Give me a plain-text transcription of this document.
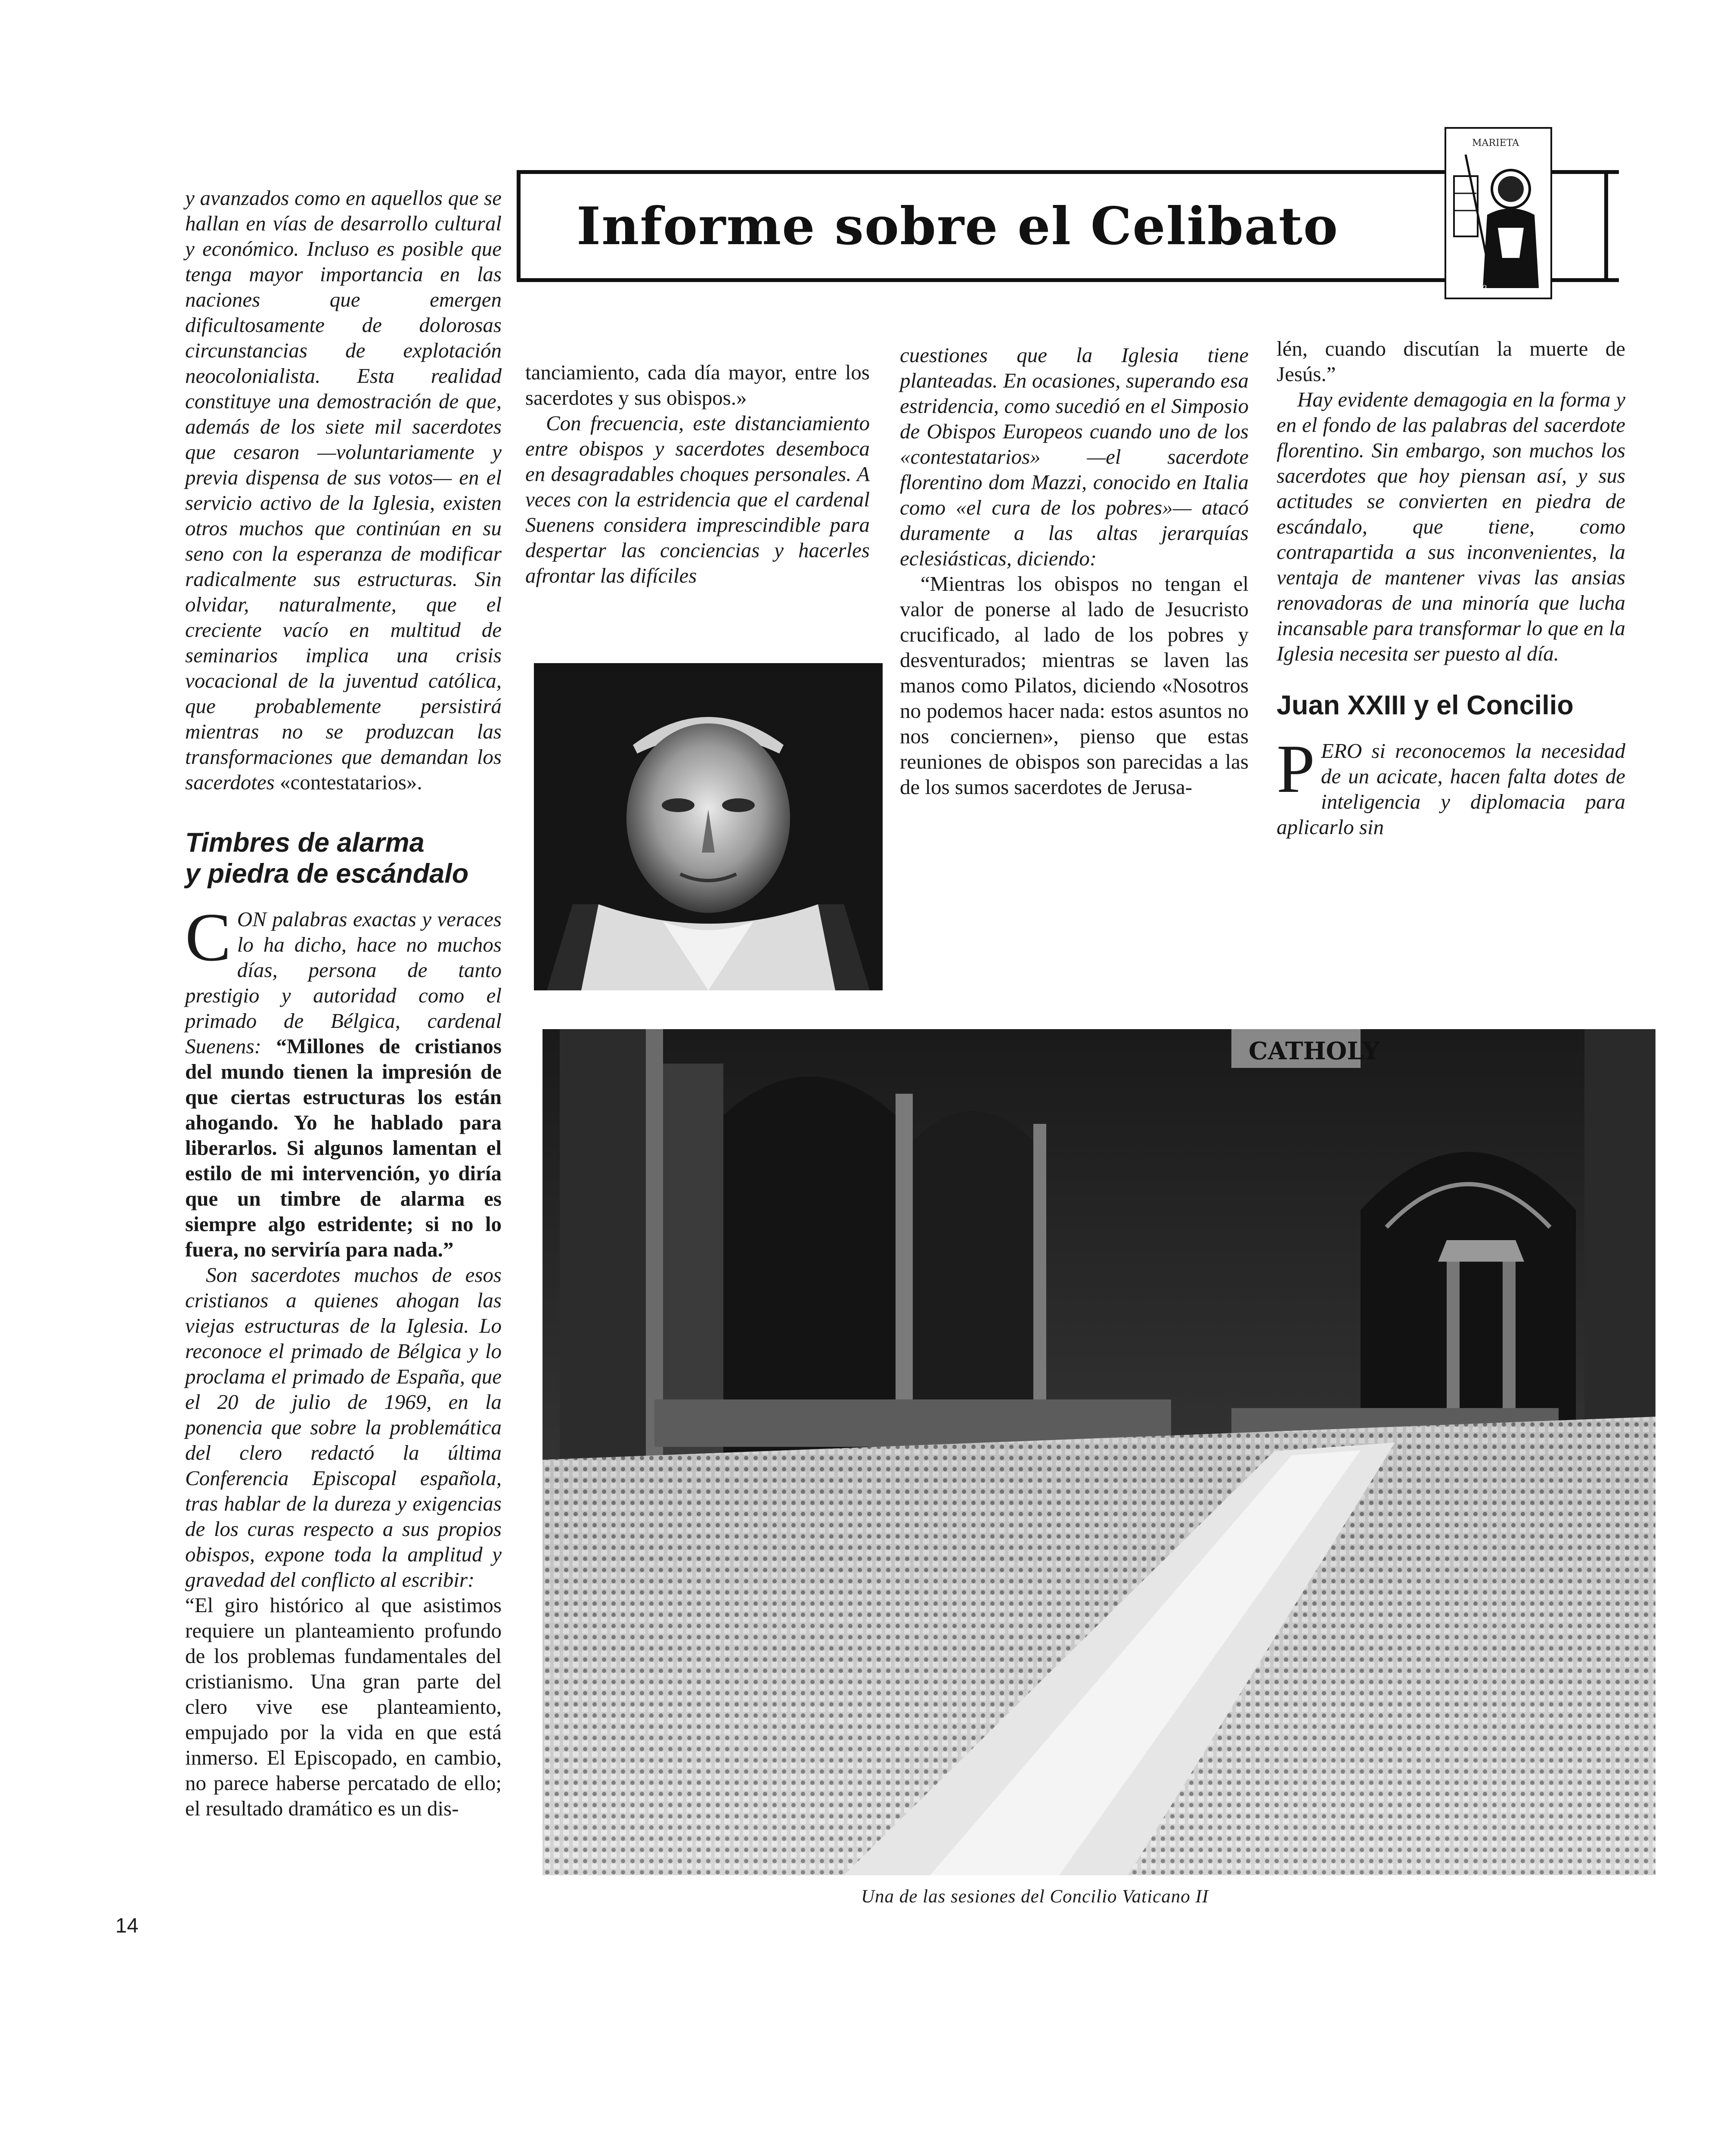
Informe sobre el Celibato
MARIETA
indiro

y avanzados como en aquellos que se hallan en vías de desarrollo cultural y económico. Incluso es posible que tenga mayor importancia en las naciones que emergen dificultosamente de dolorosas circunstancias de explotación neocolonialista. Esta realidad constituye una demostración de que, además de los siete mil sacerdotes que cesaron —voluntariamente y previa dispensa de sus votos— en el servicio activo de la Iglesia, existen otros muchos que continúan en su seno con la esperanza de modificar radicalmente sus estructuras. Sin olvidar, naturalmente, que el creciente vacío en multitud de seminarios implica una crisis vocacional de la juventud católica, que probablemente persistirá mientras no se produzcan las transformaciones que demandan los sacerdotes «contestatarios».

Timbres de alarma

y piedra de escándalo

CON palabras exactas y veraces lo ha dicho, hace no muchos días, persona de tanto prestigio y autoridad como el primado de Bélgica, cardenal Suenens: “Millones de cristianos del mundo tienen la impresión de que ciertas estructuras los están ahogando. Yo he hablado para liberarlos. Si algunos lamentan el estilo de mi intervención, yo diría que un timbre de alarma es siempre algo estridente; si no lo fuera, no serviría para nada.”

Son sacerdotes muchos de esos cristianos a quienes ahogan las viejas estructuras de la Iglesia. Lo reconoce el primado de Bélgica y lo proclama el primado de España, que el 20 de julio de 1969, en la ponencia que sobre la problemática del clero redactó la última Conferencia Episcopal española, tras hablar de la dureza y exigencias de los curas respecto a sus propios obispos, expone toda la amplitud y gravedad del conflicto al escribir:

“El giro histórico al que asistimos requiere un planteamiento profundo de los problemas fundamentales del cristianismo. Una gran parte del clero vive ese planteamiento, empujado por la vida en que está inmerso. El Episcopado, en cambio, no parece haberse percatado de ello; el resultado dramático es un dis-

tanciamiento, cada día mayor, entre los sacerdotes y sus obispos.»

Con frecuencia, este distanciamiento entre obispos y sacerdotes desemboca en desagradables choques personales. A veces con la estridencia que el cardenal Suenens considera imprescindible para despertar las conciencias y hacerles afrontar las difíciles

cuestiones que la Iglesia tiene planteadas. En ocasiones, superando esa estridencia, como sucedió en el Simposio de Obispos Europeos cuando uno de los «contestatarios» —el sacerdote florentino dom Mazzi, conocido en Italia como «el cura de los pobres»— atacó duramente a las altas jerarquías eclesiásticas, diciendo:

“Mientras los obispos no tengan el valor de ponerse al lado de Jesucristo crucificado, al lado de los pobres y desventurados; mientras se laven las manos como Pilatos, diciendo «Nosotros no podemos hacer nada: estos asuntos no nos conciernen», pienso que estas reuniones de obispos son parecidas a las de los sumos sacerdotes de Jerusa-

lén, cuando discutían la muerte de Jesús.”

Hay evidente demagogia en la forma y en el fondo de las palabras del sacerdote florentino. Sin embargo, son muchos los sacerdotes que hoy piensan así, y sus actitudes se convierten en piedra de escándalo, que tiene, como contrapartida a sus inconvenientes, la ventaja de mantener vivas las ansias renovadoras de una minoría que lucha incansable para transformar lo que en la Iglesia necesita ser puesto al día.

Juan XXIII y el Concilio

PERO si reconocemos la necesidad de un acicate, hacen falta dotes de inteligencia y diplomacia para aplicarlo sin

CATHOLY
Una de las sesiones del Concilio Vaticano II
14
